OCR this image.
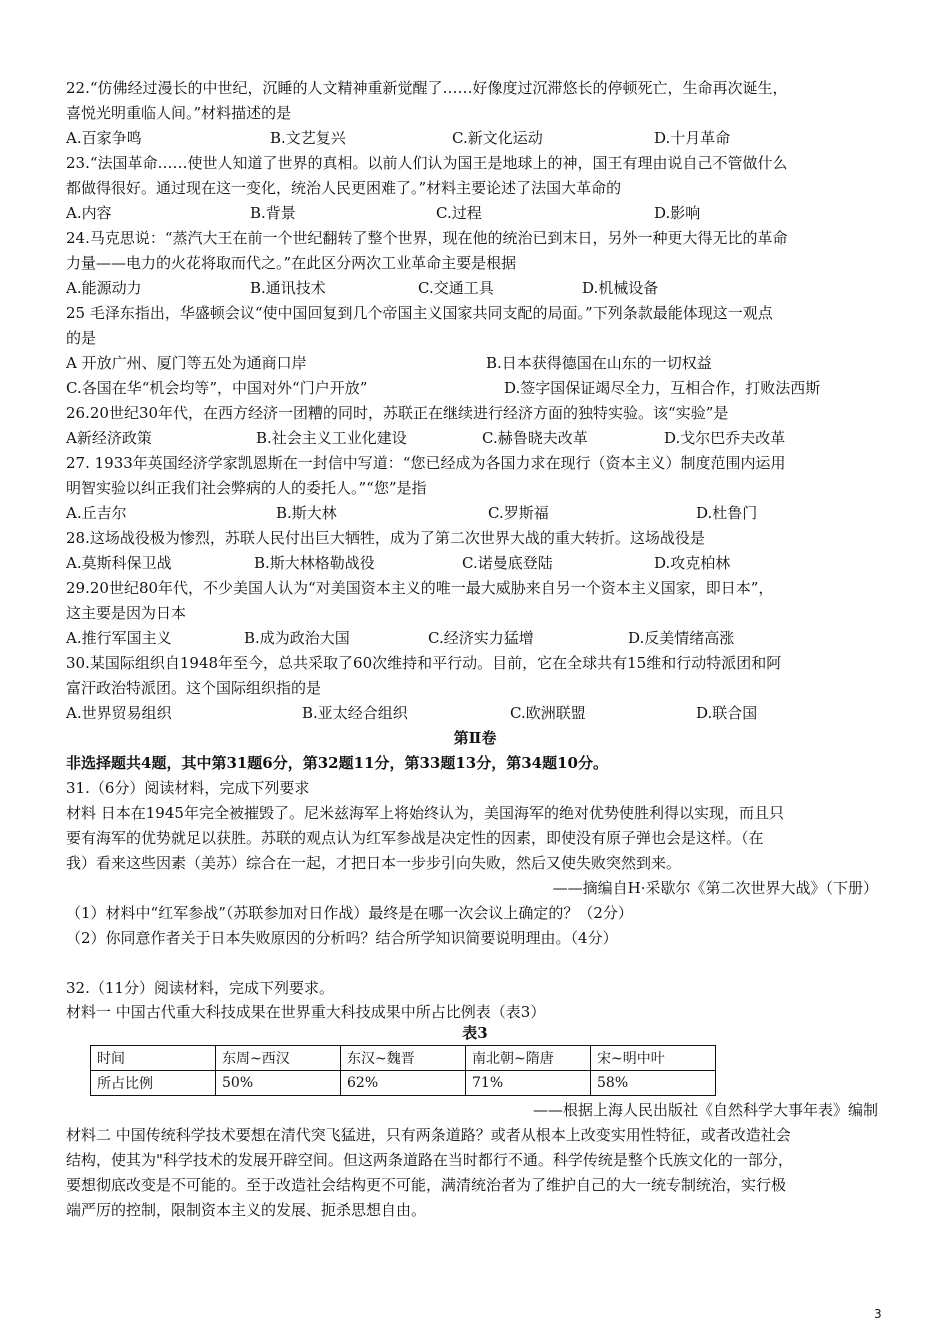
22.“仿佛经过漫长的中世纪，沉睡的人文精神重新觉醒了……好像度过沉滞悠长的停顿死亡，生命再次诞生，
喜悦光明重临人间。”材料描述的是
A.百家争鸣	B.文艺复兴	C.新文化运动	D.十月革命
23.“法国革命……使世人知道了世界的真相。以前人们认为国王是地球上的神，国王有理由说自己不管做什么
都做得很好。通过现在这一变化，统治人民更困难了。”材料主要论述了法国大革命的
A.内容	B.背景	C.过程	D.影响
24.马克思说：“蒸汽大王在前一个世纪翻转了整个世界，现在他的统治已到末日，另外一种更大得无比的革命
力量——电力的火花将取而代之。”在此区分两次工业革命主要是根据
A.能源动力	B.通讯技术	C.交通工具	D.机械设备
25 毛泽东指出，华盛顿会议“使中国回复到几个帝国主义国家共同支配的局面。”下列条款最能体现这一观点
的是
A 开放广州、厦门等五处为通商口岸	B.日本获得德国在山东的一切权益
C.各国在华“机会均等”，中国对外“门户开放”	D.签字国保证竭尽全力，互相合作，打败法西斯
26.20世纪30年代，在西方经济一团糟的同时，苏联正在继续进行经济方面的独特实验。该“实验”是
A新经济政策	B.社会主义工业化建设	C.赫鲁晓夫改革	D.戈尔巴乔夫改革
27. 1933年英国经济学家凯恩斯在一封信中写道：“您已经成为各国力求在现行（资本主义）制度范围内运用
明智实验以纠正我们社会弊病的人的委托人。”“您”是指
A.丘吉尔	B.斯大林	C.罗斯福	D.杜鲁门
28.这场战役极为惨烈，苏联人民付出巨大牺牲，成为了第二次世界大战的重大转折。这场战役是
A.莫斯科保卫战	B.斯大林格勒战役	C.诺曼底登陆	D.攻克柏林
29.20世纪80年代，不少美国人认为“对美国资本主义的唯一最大威胁来自另一个资本主义国家，即日本”，
这主要是因为日本
A.推行军国主义	B.成为政治大国	C.经济实力猛增	D.反美情绪高涨
30.某国际组织自1948年至今，总共采取了60次维持和平行动。目前，它在全球共有15维和行动特派团和阿
富汗政治特派团。这个国际组织指的是
A.世界贸易组织	B.亚太经合组织	C.欧洲联盟	D.联合国
第Ⅱ卷
非选择题共4题，其中第31题6分，第32题11分，第33题13分，第34题10分。
31.（6分）阅读材料，完成下列要求
材料 日本在1945年完全被摧毁了。尼米兹海军上将始终认为，美国海军的绝对优势使胜利得以实现，而且只
要有海军的优势就足以获胜。苏联的观点认为红军参战是决定性的因素，即使没有原子弹也会是这样。（在
我）看来这些因素（美苏）综合在一起，才把日本一步步引向失败，然后又使失败突然到来。
——摘编自H·采歇尔《第二次世界大战》（下册）
（1）材料中“红军参战”（苏联参加对日作战）最终是在哪一次会议上确定的？（2分）
（2）你同意作者关于日本失败原因的分析吗？结合所学知识简要说明理由。（4分）
32.（11分）阅读材料，完成下列要求。
材料一 中国古代重大科技成果在世界重大科技成果中所占比例表（表3）
表3
时间	东周~西汉	东汉~魏晋	南北朝~隋唐	宋~明中叶
所占比例	50%	62%	71%	58%
——根据上海人民出版社《自然科学大事年表》编制
材料二 中国传统科学技术要想在清代突飞猛进，只有两条道路？或者从根本上改变实用性特征，或者改造社会
结构，使其为"科学技术的发展开辟空间。但这两条道路在当时都行不通。科学传统是整个氏族文化的一部分，
要想彻底改变是不可能的。至于改造社会结构更不可能，满清统治者为了维护自己的大一统专制统治，实行极
端严厉的控制，限制资本主义的发展、扼杀思想自由。
3
